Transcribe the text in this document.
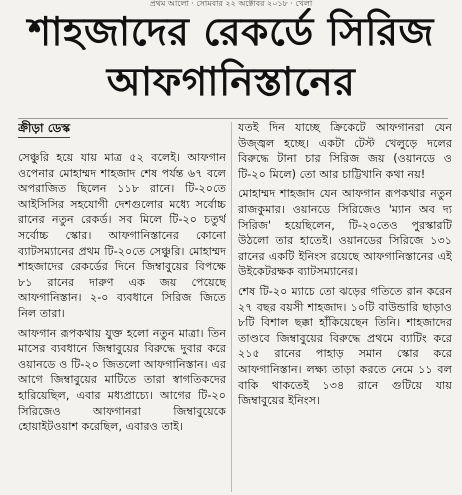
প্রথম আলো · সোমবার ২২ অক্টোবর ২০১৮ · খেলা
শাহজাদের রেকর্ডে সিরিজ
আফগানিস্তানের
ক্রীড়া ডেস্ক

সেঞ্চুরি হয়ে যায় মাত্র ৫২ বলেই। আফগান ওপেনার মোহাম্মদ শাহজাদ শেষ পর্যন্ত ৬৭ বলে অপরাজিত ছিলেন ১১৮ রানে। টি-২০তে আইসিসির সহযোগী দেশগুলোর মধ্যে সর্বোচ্চ রানের নতুন রেকর্ড। সব মিলে টি-২০ চতুর্থ সর্বোচ্চ স্কোর। আফগানিস্তানের কোনো ব্যাটসম্যানের প্রথম টি-২০তে সেঞ্চুরি। মোহাম্মদ শাহজাদের রেকর্ডের দিনে জিম্বাবুয়ের বিপক্ষে ৮১ রানের দারুণ এক জয় পেয়েছে আফগানিস্তান। ২-০ ব্যবধানে সিরিজ জিতে নিল তারা।

আফগান রূপকথায় যুক্ত হলো নতুন মাত্রা। তিন মাসের ব্যবধানে জিম্বাবুয়ের বিরুদ্ধে দুবার করে ওয়ানডে ও টি-২০ জিতলো আফগানিস্তান। এর আগে জিম্বাবুয়ের মাটিতে তারা স্বাগতিকদের হারিয়েছিল, এবার মধ্যপ্রাচ্যে। আগের টি-২০ সিরিজেও আফগানরা জিম্বাবুয়েকে হোয়াইটওয়াশ করেছিল, এবারও তাই।

যতই দিন যাচ্ছে ক্রিকেটে আফগানরা যেন উজ্জ্বল হচ্ছে। একটা টেস্ট খেলুড়ে দলের বিরুদ্ধে টানা চার সিরিজ জয় (ওয়ানডে ও টি-২০ মিলে) তো আর চাট্টিখানি কথা নয়!

মোহাম্মদ শাহজাদ যেন আফগান রূপকথার নতুন রাজকুমার। ওয়ানডে সিরিজেও 'ম্যান অব দ্য সিরিজ' হয়েছিলেন, টি-২০তেও পুরস্কারটি উঠলো তার হাতেই। ওয়ানডের সিরিজে ১৩১ রানের একটি ইনিংস রয়েছে আফগানিস্তানের এই উইকেটরক্ষক ব্যাটসম্যানের।

শেষ টি-২০ ম্যাচে তো ঝড়ের গতিতে রান করেন ২৭ বছর বয়সী শাহজাদ। ১০টি বাউন্ডারি ছাড়াও ৮টি বিশাল ছক্কা হাঁকিয়েছেন তিনি। শাহজাদের তাণ্ডবে জিম্বাবুয়ের বিরুদ্ধে প্রথমে ব্যাটিং করে ২১৫ রানের পাহাড় সমান স্কোর করে আফগানিস্তান। লক্ষ্য তাড়া করতে নেমে ১১ বল বাকি থাকতেই ১৩৪ রানে গুটিয়ে যায় জিম্বাবুয়ের ইনিংস।
